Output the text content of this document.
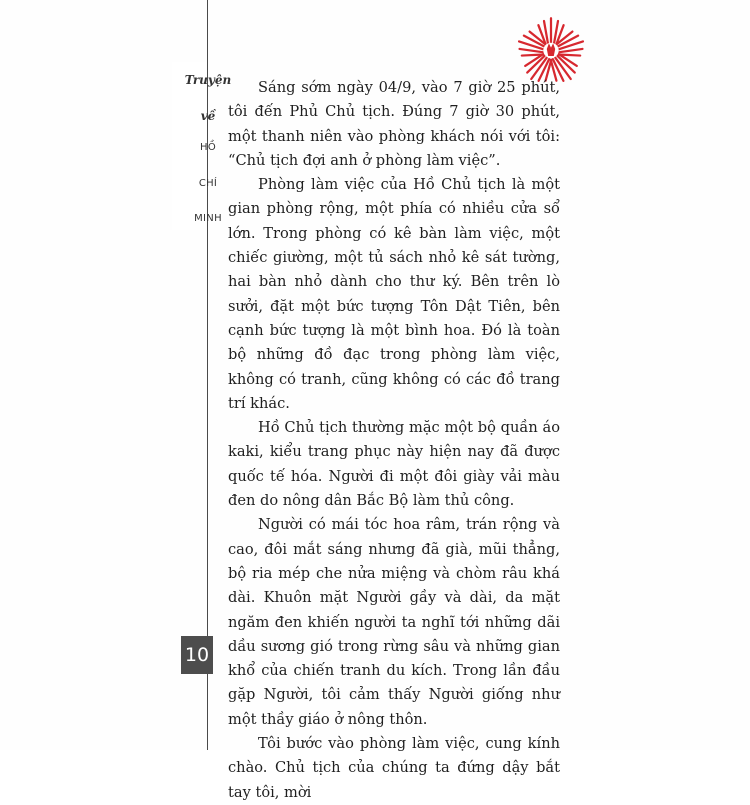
Truyện
về
HỒ
CHÍ
MINH
10

Sáng sớm ngày 04/9, vào 7 giờ 25 phút, tôi đến Phủ Chủ tịch. Đúng 7 giờ 30 phút, một thanh niên vào phòng khách nói với tôi: “Chủ tịch đợi anh ở phòng làm việc”.

Phòng làm việc của Hồ Chủ tịch là một gian phòng rộng, một phía có nhiều cửa sổ lớn. Trong phòng có kê bàn làm việc, một chiếc giường, một tủ sách nhỏ kê sát tường, hai bàn nhỏ dành cho thư ký. Bên trên lò sưởi, đặt một bức tượng Tôn Dật Tiên, bên cạnh bức tượng là một bình hoa. Đó là toàn bộ những đồ đạc trong phòng làm việc, không có tranh, cũng không có các đồ trang trí khác.

Hồ Chủ tịch thường mặc một bộ quần áo kaki, kiểu trang phục này hiện nay đã được quốc tế hóa. Người đi một đôi giày vải màu đen do nông dân Bắc Bộ làm thủ công.

Người có mái tóc hoa râm, trán rộng và cao, đôi mắt sáng nhưng đã già, mũi thẳng, bộ ria mép che nửa miệng và chòm râu khá dài. Khuôn mặt Người gầy và dài, da mặt ngăm đen khiến người ta nghĩ tới những dãi dầu sương gió trong rừng sâu và những gian khổ của chiến tranh du kích. Trong lần đầu gặp Người, tôi cảm thấy Người giống như một thầy giáo ở nông thôn.

Tôi bước vào phòng làm việc, cung kính chào. Chủ tịch của chúng ta đứng dậy bắt tay tôi, mời
